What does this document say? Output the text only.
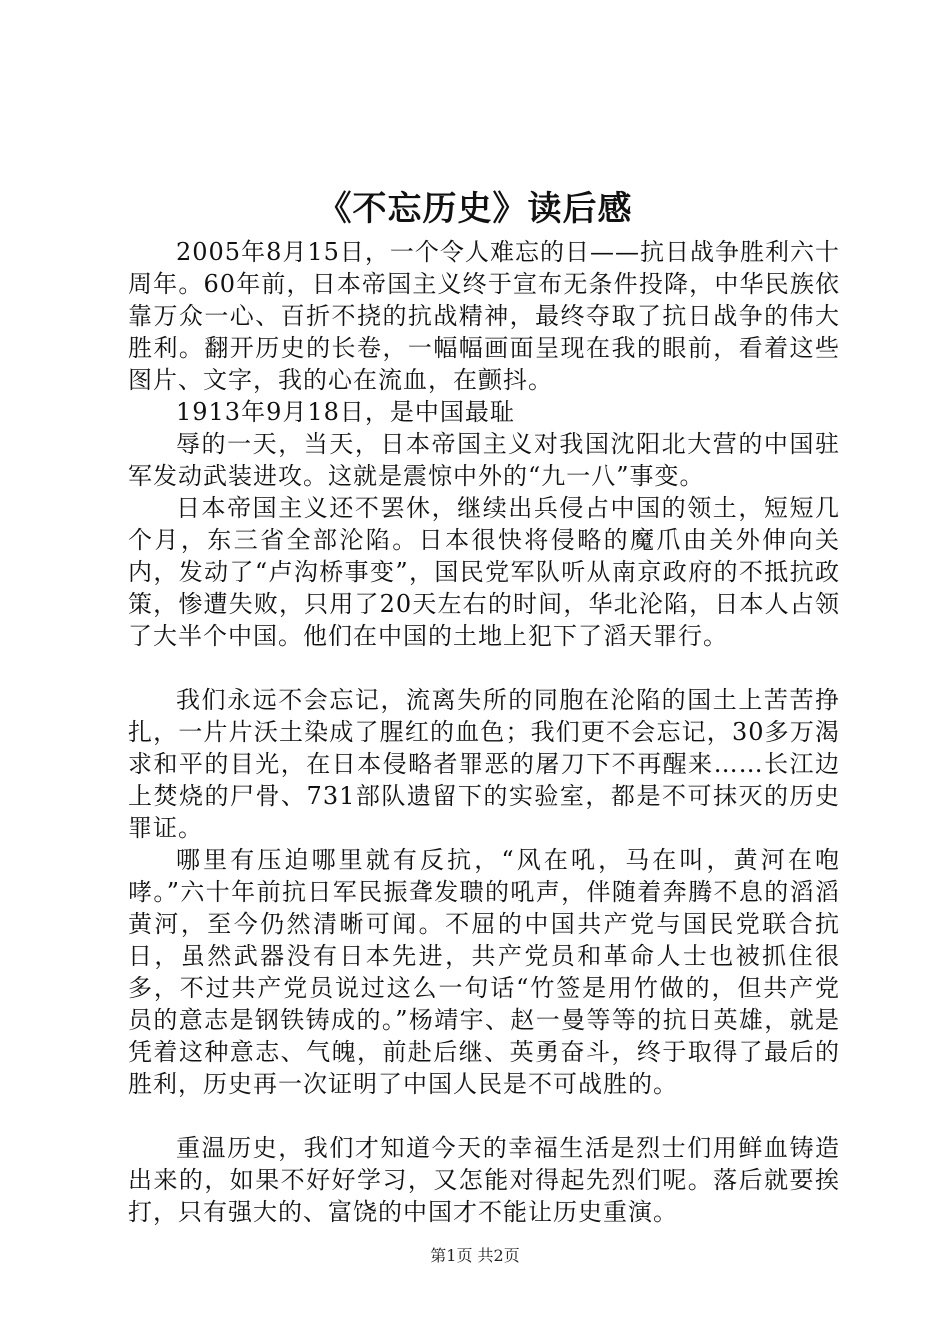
《不忘历史》读后感

2005年8月15日，一个令人难忘的日——抗日战争胜利六十周年。60年前，日本帝国主义终于宣布无条件投降，中华民族依靠万众一心、百折不挠的抗战精神，最终夺取了抗日战争的伟大胜利。翻开历史的长卷，一幅幅画面呈现在我的眼前，看着这些图片、文字，我的心在流血，在颤抖。

1913年9月18日，是中国最耻

辱的一天，当天，日本帝国主义对我国沈阳北大营的中国驻军发动武装进攻。这就是震惊中外的“九一八”事变。

日本帝国主义还不罢休，继续出兵侵占中国的领土，短短几个月，东三省全部沦陷。日本很快将侵略的魔爪由关外伸向关内，发动了“卢沟桥事变”，国民党军队听从南京政府的不抵抗政策，惨遭失败，只用了20天左右的时间，华北沦陷，日本人占领了大半个中国。他们在中国的土地上犯下了滔天罪行。

我们永远不会忘记，流离失所的同胞在沦陷的国土上苦苦挣扎，一片片沃土染成了腥红的血色；我们更不会忘记，30多万渴求和平的目光，在日本侵略者罪恶的屠刀下不再醒来……长江边上焚烧的尸骨、731部队遗留下的实验室，都是不可抹灭的历史罪证。

哪里有压迫哪里就有反抗，“风在吼，马在叫，黄河在咆哮。”六十年前抗日军民振聋发聩的吼声，伴随着奔腾不息的滔滔黄河，至今仍然清晰可闻。不屈的中国共产党与国民党联合抗日，虽然武器没有日本先进，共产党员和革命人士也被抓住很多，不过共产党员说过这么一句话“竹签是用竹做的，但共产党员的意志是钢铁铸成的。”杨靖宇、赵一曼等等的抗日英雄，就是凭着这种意志、气魄，前赴后继、英勇奋斗，终于取得了最后的胜利，历史再一次证明了中国人民是不可战胜的。

重温历史，我们才知道今天的幸福生活是烈士们用鲜血铸造出来的，如果不好好学习，又怎能对得起先烈们呢。落后就要挨打，只有强大的、富饶的中国才不能让历史重演。

第1页 共2页
